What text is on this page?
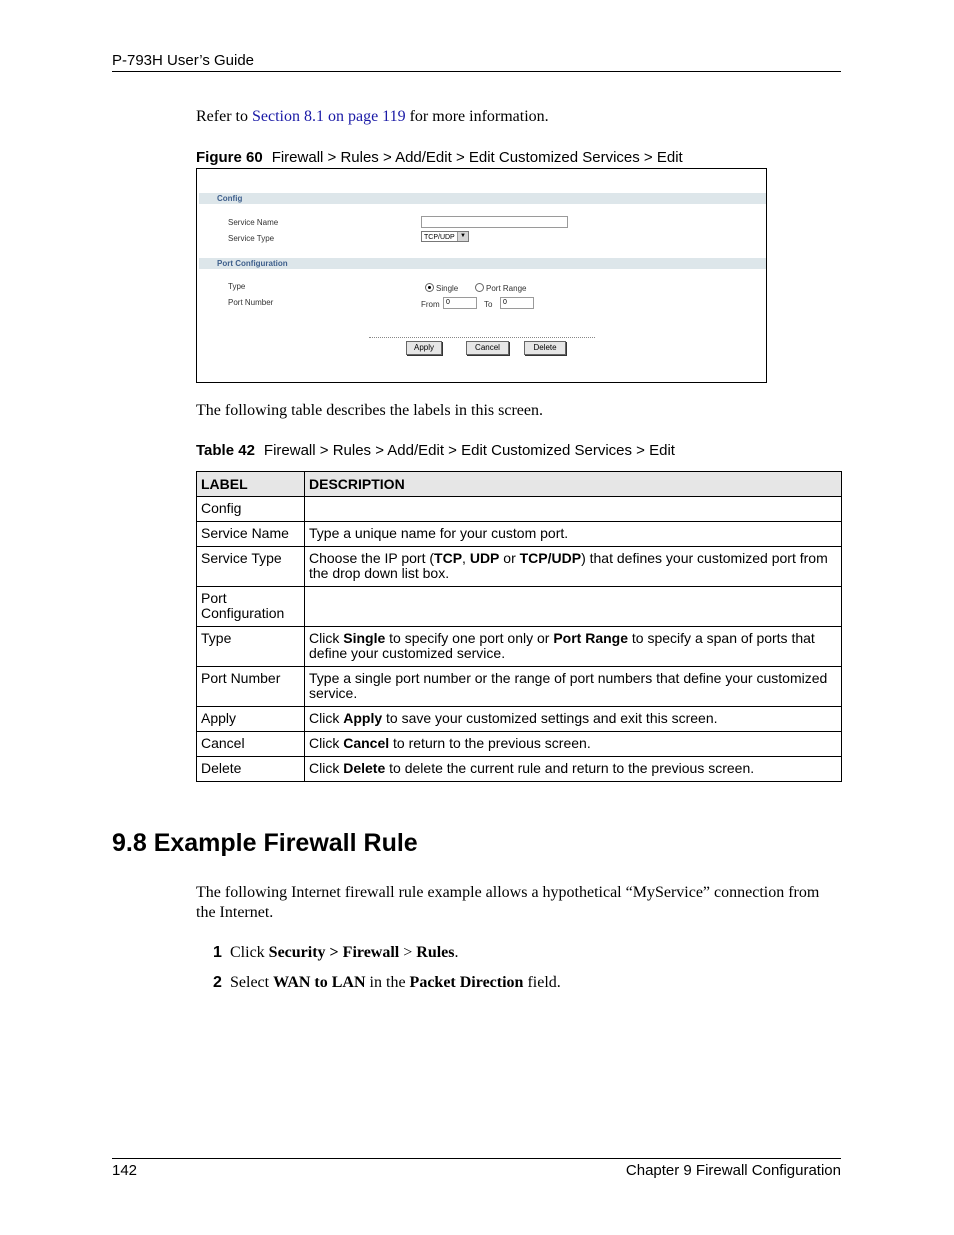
P-793H User’s Guide
Refer to Section 8.1 on page 119 for more information.
Figure 60 Firewall > Rules > Add/Edit > Edit Customized Services > Edit
Config
Service Name
Service Type	TCP/UDP ▼
Port Configuration
Type	Single	Port Range
Port Number	From 0	To	0
Apply	Cancel	Delete
The following table describes the labels in this screen.
Table 42 Firewall > Rules > Add/Edit > Edit Customized Services > Edit
LABEL	DESCRIPTION
Config	
Service Name	Type a unique name for your custom port.
Service Type	Choose the IP port (TCP, UDP or TCP/UDP) that defines your customized port from the drop down list box.
Port Configuration	
Type	Click Single to specify one port only or Port Range to specify a span of ports that define your customized service.
Port Number	Type a single port number or the range of port numbers that define your customized service.
Apply	Click Apply to save your customized settings and exit this screen.
Cancel	Click Cancel to return to the previous screen.
Delete	Click Delete to delete the current rule and return to the previous screen.
9.8 Example Firewall Rule
The following Internet firewall rule example allows a hypothetical “MyService” connection from the Internet.
1 Click Security > Firewall > Rules.
2 Select WAN to LAN in the Packet Direction field.
142	Chapter 9 Firewall Configuration
